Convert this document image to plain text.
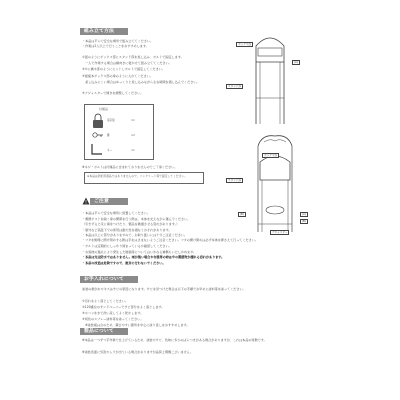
組み立て方法
・本品は平らで安全な場所で組み立ててください。
・作業は2人以上で行うことをおすすめします。
①図のようにポックス部にスタンド部を差し込み、ボルトで固定します。
　一人で作業する場合は横向きに寝かせて組み立ててください。
②①に横木部のようにセットしボルトで固定してください。
③最後本ポックス部の扉のように入れてください。
　差し込みにくい場合はゆっくりと差し込みながら左右時間を通し込んでください。
④アジャスターで傾きを調整してください。
付属品
南京錠	×1
鍵	×2
キー	×1
※ネジ・ボルトは付属品に含まれておりませんのでご了承ください。
※本品は防犯用商品ではありませんので、コンクリート等で固定してください。
ボックス部
スタンド部
(A)
ボックス部
スタンド部
(B)	(A)
(B)
アジャスター
!	ご注意
・本品は平らで安全な場所に設置してください。
・郵便ポストを除く扉の開閉を行う際は、本体を支えながら運んでください。
（引きずると床に傷をつけたり、製品を破損させる恐れがあります。）
・屋外など高温下での使用は耐久性を損なうおそれがあります。
・本品は以上に部分がありますので、お取り扱いには十分ご注意ください。
・フタを無理に開け閉めする際は手をはさまないようご注意ください。フタの開け閉めは必ず本体を押さえて行ってください。
・ボルトは定期的にしっかり締まっているか確認してください。
・お客様の過失により発生した破損等についてはいかなる補償もいたしかねます。
・本品は完全防水ではありません。雨が強い場合や台風等の時は中の郵便物が濡れる恐れがあります。
・本品の改造は危険ですので、絶対に行わないでください。
お手入れについて
塗装の剥がれやキズはサビの原因になります。サビを見つけた場合は以下の手順でお早めに塗料等を塗ってください。
①汚れをよく落としてください。
②120番位のサンドペーパーでサビ部分をよく落とします。
③ホコリを水で洗い流してよく乾かします。
④同色のスプレー塗料等を塗ってください。
　※塗装後は念のため、錆びやすい箇所を中心に塗り直しをおすすめします。
製品について
※本品は一つずつ手作業で仕上げているため、塗装やサビ、色味に多少のばらつきがある場合がありますが、これは本品の特徴です。
※塗装表面に気泡やムラが出ている場合がありますが品質上問題ございません。
